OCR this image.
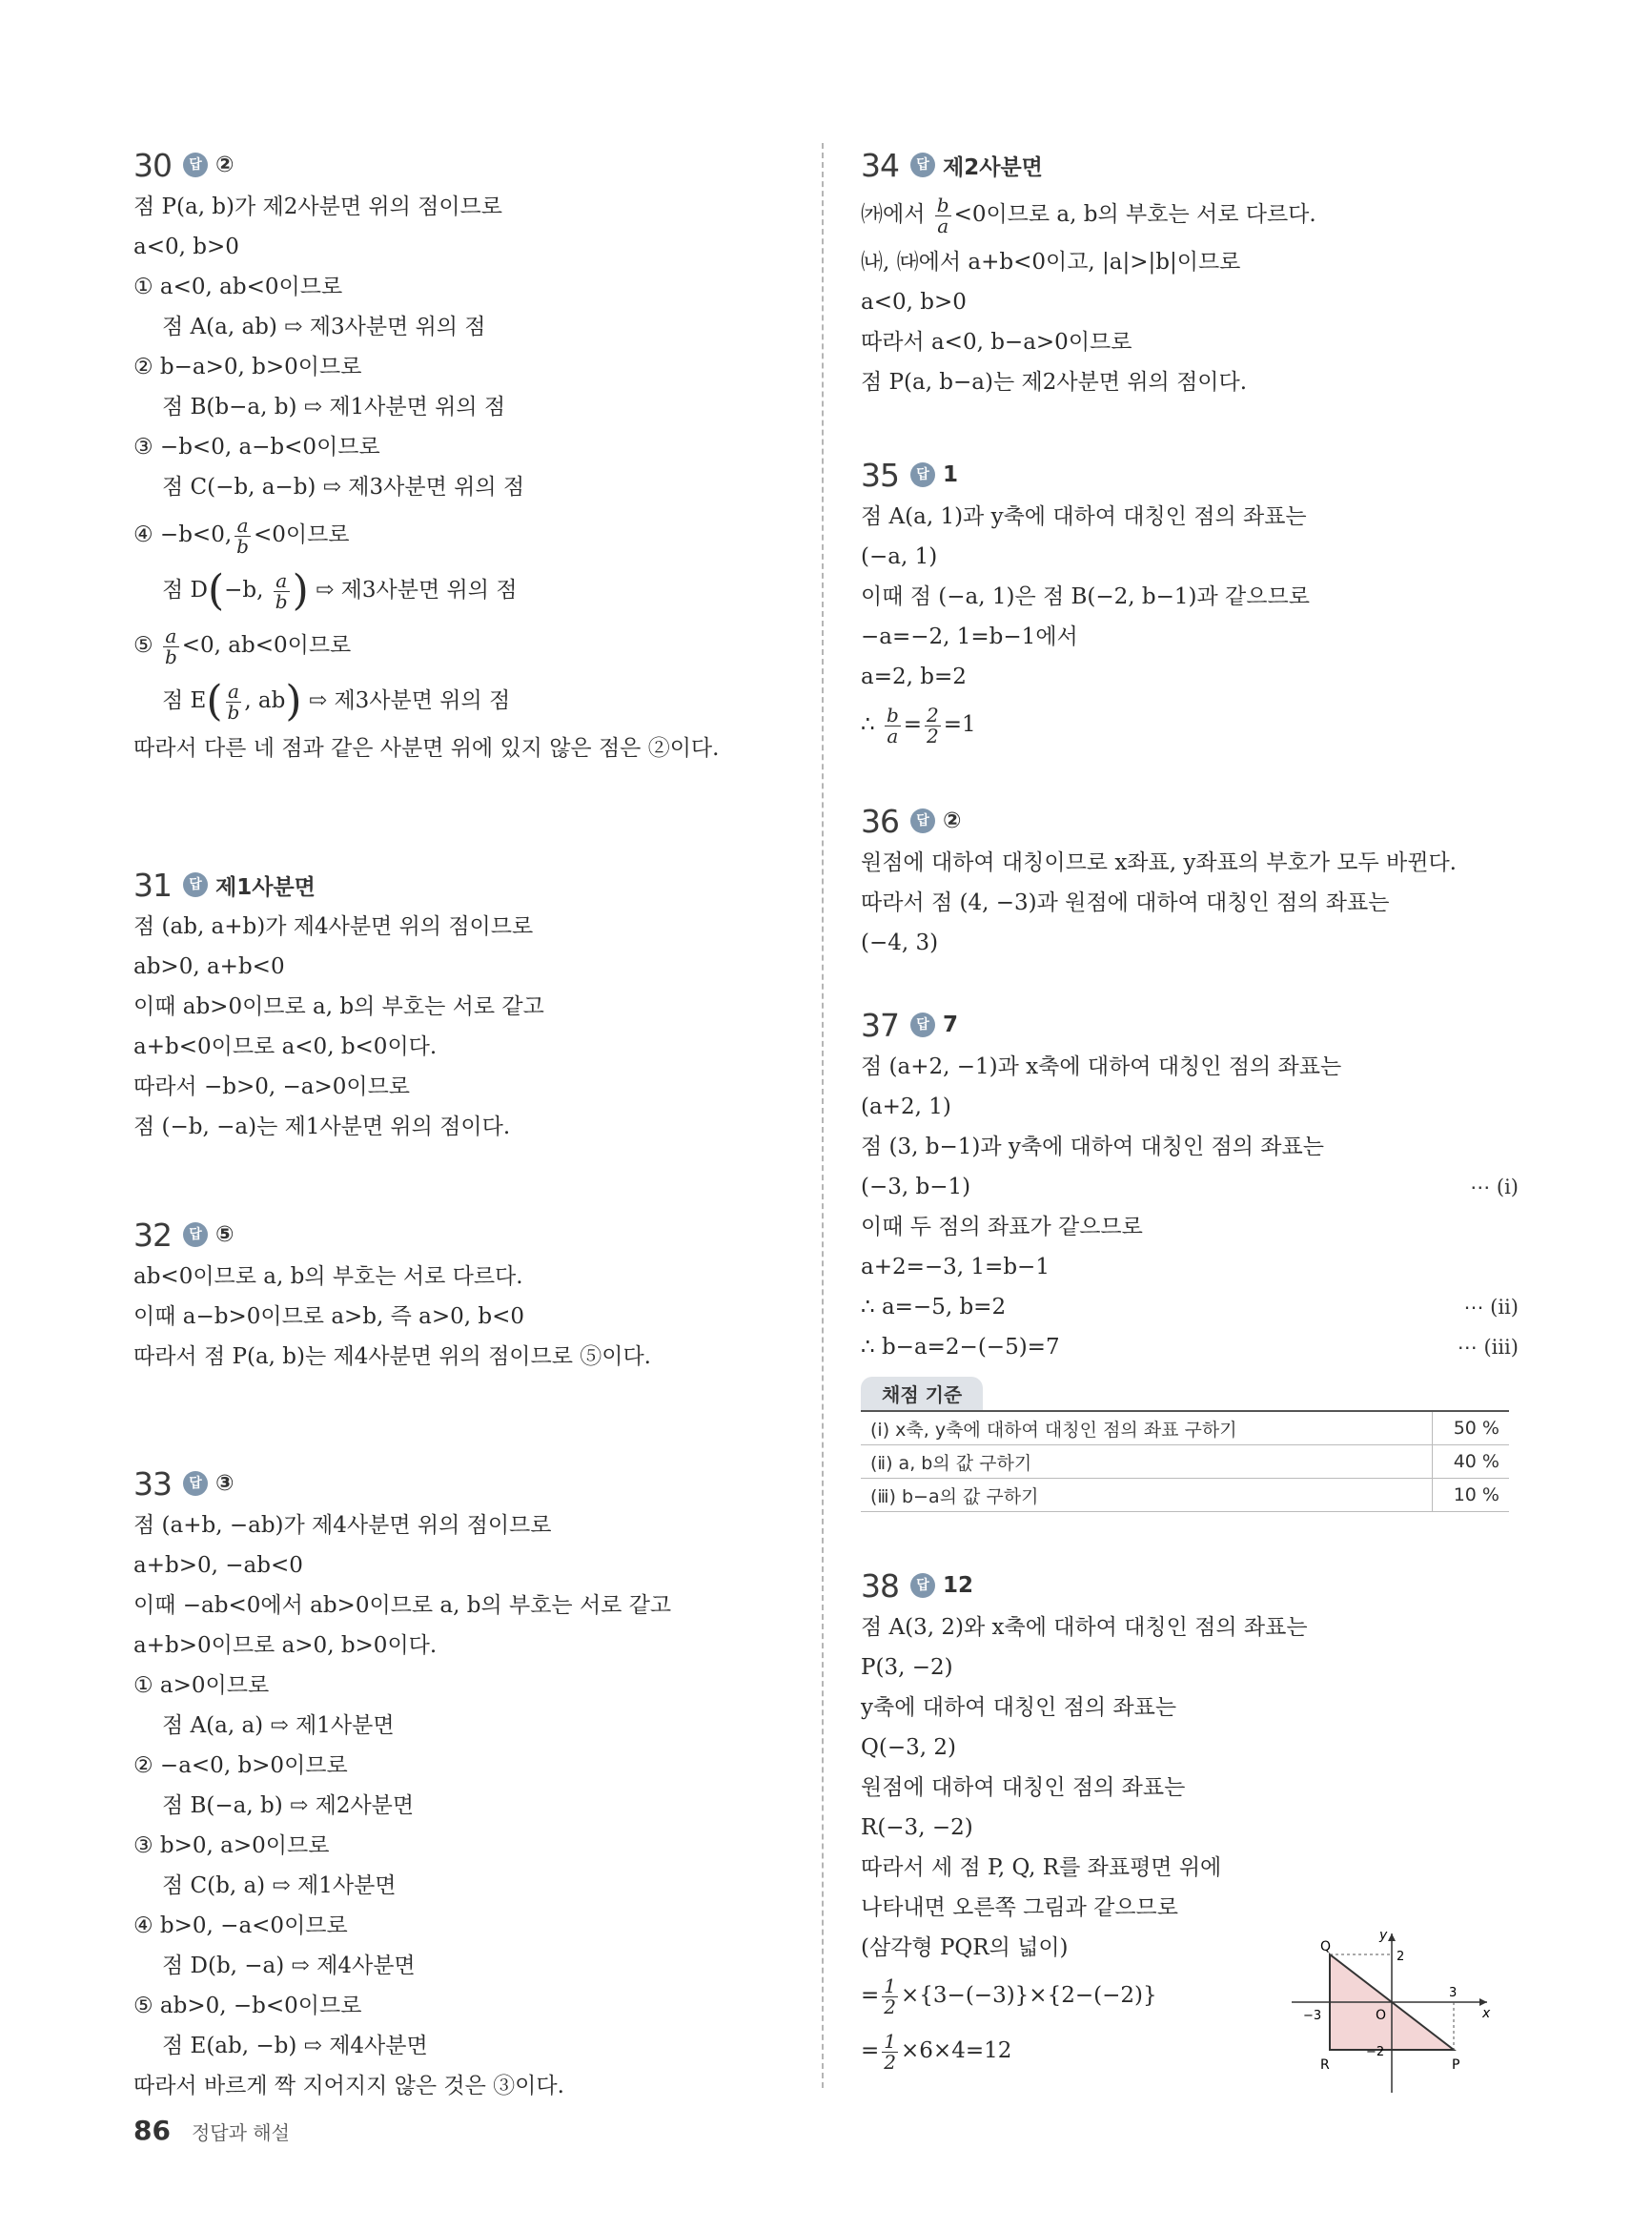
30	답 ②
점 P(a, b)가 제2사분면 위의 점이므로
a<0, b>0
① a<0, ab<0이므로
점 A(a, ab) ⇨ 제3사분면 위의 점
② b−a>0, b>0이므로
점 B(b−a, b) ⇨ 제1사분면 위의 점
③ −b<0, a−b<0이므로
점 C(−b, a−b) ⇨ 제3사분면 위의 점
④ −b<0, $\frac{a}{b} <0$이므로
점 D(−b, $\frac{a}{b}$ ) ⇨ 제3사분면 위의 점
⑤ $\frac{a}{b} <0$, ab<0이므로
점 $E( \frac{a}{b}$ , ab) ⇨ 제3사분면 위의 점
따라서 다른 네 점과 같은 사분면 위에 있지 않은 점은 ②이다.
31	답 제1사분면
점 (ab, a+b)가 제4사분면 위의 점이므로
ab>0, a+b<0
이때 ab>0이므로 a, b의 부호는 서로 같고
a+b<0이므로 a<0, b<0이다.
따라서 −b>0, −a>0이므로
점 (−b, −a)는 제1사분면 위의 점이다.
32	답 ⑤
ab<0이므로 a, b의 부호는 서로 다르다.
이때 a−b>0이므로 a>b, 즉 a>0, b<0
따라서 점 P(a, b)는 제4사분면 위의 점이므로 ⑤이다.
33	답 ③
점 (a+b, −ab)가 제4사분면 위의 점이므로
a+b>0, −ab<0
이때 −ab<0에서 ab>0이므로 a, b의 부호는 서로 같고
a+b>0이므로 a>0, b>0이다.
① a>0이므로
점 A(a, a) ⇨ 제1사분면
② −a<0, b>0이므로
점 B(−a, b) ⇨ 제2사분면
③ b>0, a>0이므로
점 C(b, a) ⇨ 제1사분면
④ b>0, −a<0이므로
점 D(b, −a) ⇨ 제4사분면
⑤ ab>0, −b<0이므로
점 E(ab, −b) ⇨ 제4사분면
따라서 바르게 짝 지어지지 않은 것은 ③이다.
34	답 제2사분면
㈎에서 $\frac{b}{a} <0$이므로 a, b의 부호는 서로 다르다.
㈏, ㈐에서 a+b<0이고, |a|>|b|이므로
a<0, b>0
따라서 a<0, b−a>0이므로
점 P(a, b−a)는 제2사분면 위의 점이다.
35	답 1
점 A(a, 1)과 y축에 대하여 대칭인 점의 좌표는
(−a, 1)
이때 점 (−a, 1)은 점 B(−2, b−1)과 같으므로
−a=−2, 1=b−1에서
a=2, b=2
∴ $\frac{b}{a} = \frac{2}{2} =1$
36	답 ②
원점에 대하여 대칭이므로 x좌표, y좌표의 부호가 모두 바뀐다.
따라서 점 (4, −3)과 원점에 대하여 대칭인 점의 좌표는
(−4, 3)
37	답 7
점 (a+2, −1)과 x축에 대하여 대칭인 점의 좌표는
(a+2, 1)
점 (3, b−1)과 y축에 대하여 대칭인 점의 좌표는
(−3, b−1)	⋯ (ⅰ)
이때 두 점의 좌표가 같으므로
a+2=−3, 1=b−1
∴ a=−5, b=2	⋯ (ⅱ)
∴ b−a=2−(−5)=7	⋯ (ⅲ)
채점 기준
(ⅰ) x축, y축에 대하여 대칭인 점의 좌표 구하기	50 %
(ⅱ) a, b의 값 구하기	40 %
(ⅲ) b−a의 값 구하기	10 %
38	답 12
점 A(3, 2)와 x축에 대하여 대칭인 점의 좌표는
P(3, −2)
y축에 대하여 대칭인 점의 좌표는
Q(−3, 2)
원점에 대하여 대칭인 점의 좌표는
R(−3, −2)
따라서 세 점 P, Q, R를 좌표평면 위에
나타내면 오른쪽 그림과 같으므로
(삼각형 PQR의 넓이)
= $\frac{1}{2} \times\{3-(-3)\}\times\{2-(-2)\}$
= $\frac{1}{2} \times 6\times 4=12$
Q
R	P
O	x
y
2
−2
3
−3
86 정답과 해설
